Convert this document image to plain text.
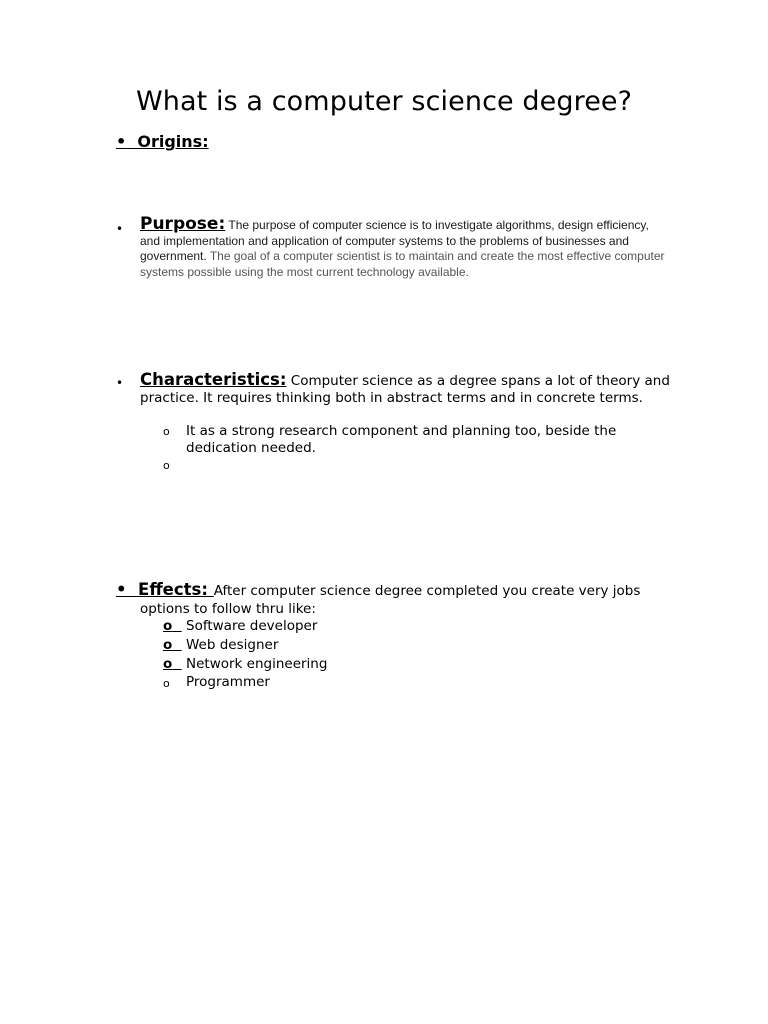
What is a computer science degree?
• Origins:
• Purpose: The purpose of computer science is to investigate algorithms, design efficiency, and implementation and application of computer systems to the problems of businesses and government. The goal of a computer scientist is to maintain and create the most effective computer systems possible using the most current technology available.
• Characteristics: Computer science as a degree spans a lot of theory and practice. It requires thinking both in abstract terms and in concrete terms.
o It as a strong research component and planning too, beside the dedication needed.
o
• Effects: After computer science degree completed you create very jobs
options to follow thru like:
o	Software developer
o	Web designer
o	Network engineering
o Programmer
